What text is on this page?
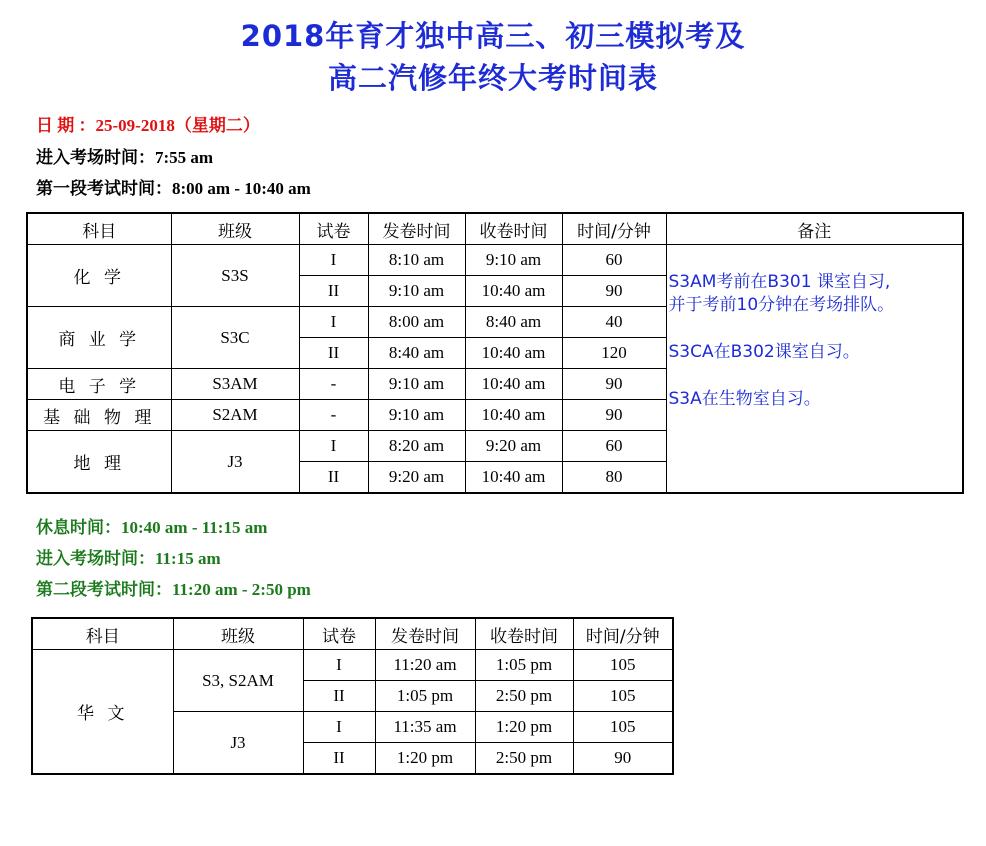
2018年育才独中高三、初三模拟考及
高二汽修年终大考时间表
日 期 ：25-09-2018（星期二）
进入考场时间：7:55 am
第一段考试时间：8:00 am - 10:40 am
科目	班级	试卷	发卷时间	收卷时间	时间/分钟	备注
化 学	S3S	I	8:10 am	9:10 am	60	S3AM考前在B301 课室自习,
并于考前10分钟在考场排队。
S3CA在B302课室自习。
S3A在生物室自习。

		II	9:10 am	10:40 am	90	
商 业 学	S3C	I	8:00 am	8:40 am	40	
		II	8:40 am	10:40 am	120	
电 子 学	S3AM	-	9:10 am	10:40 am	90	
基 础 物 理	S2AM	-	9:10 am	10:40 am	90	
地 理	J3	I	8:20 am	9:20 am	60	
		II	9:20 am	10:40 am	80	
休息时间：10:40 am - 11:15 am
进入考场时间：11:15 am
第二段考试时间：11:20 am - 2:50 pm
科目	班级	试卷	发卷时间	收卷时间	时间/分钟
华 文	S3, S2AM	I	11:20 am	1:05 pm	105
		II	1:05 pm	2:50 pm	105
	J3	I	11:35 am	1:20 pm	105
		II	1:20 pm	2:50 pm	90
